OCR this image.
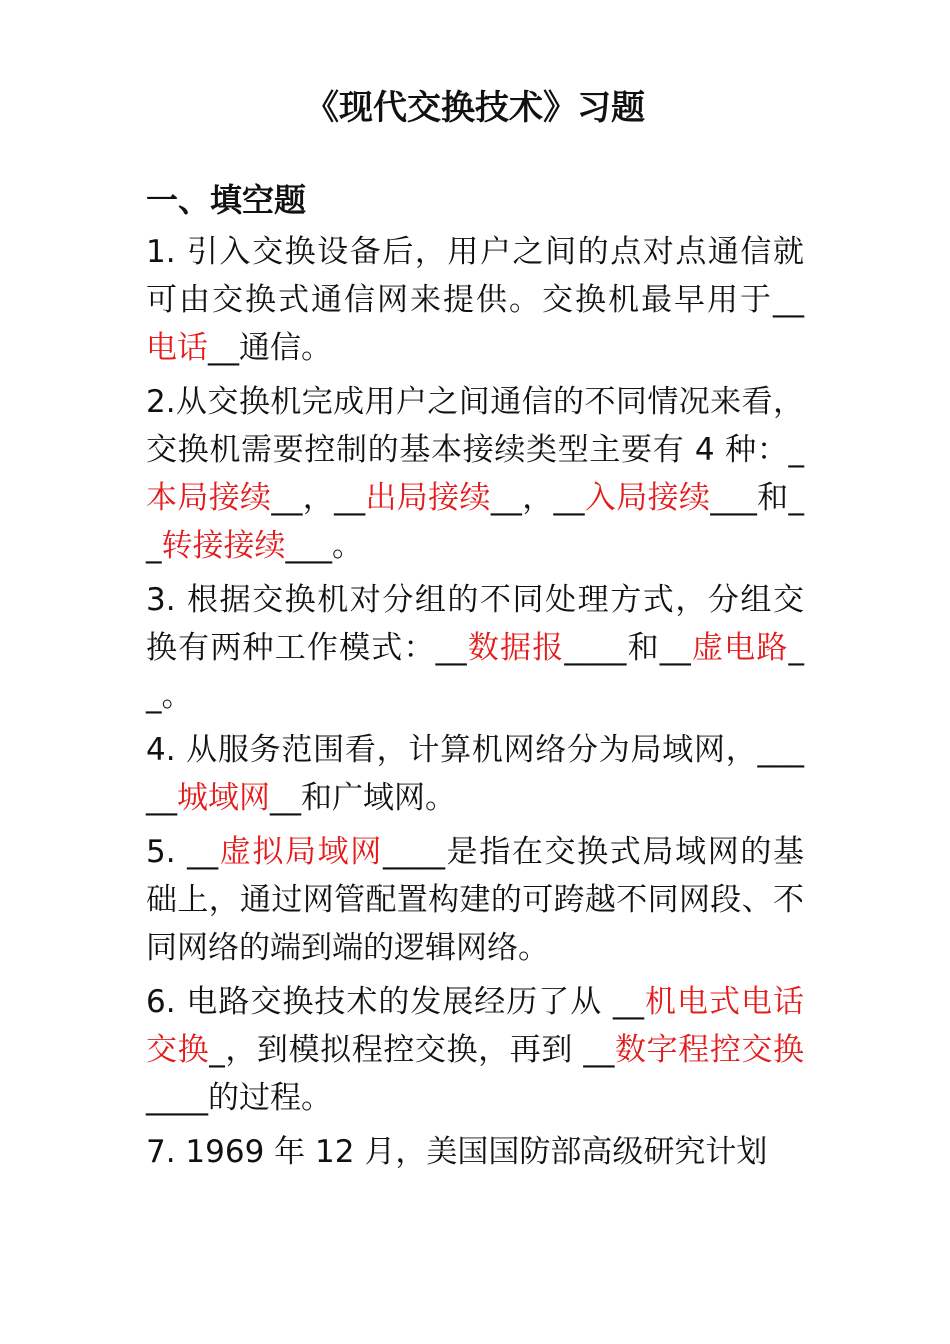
《现代交换技术》习题
一、填空题

1. 引入交换设备后，用户之间的点对点通信就可由交换式通信网来提供。交换机最早用于__ 电话__通信。

2.从交换机完成用户之间通信的不同情况来看，交换机需要控制的基本接续类型主要有 4 种：_本局接续__，__出局接续__，__入局接续___和__转接接续___。

3. 根据交换机对分组的不同处理方式，分组交换有两种工作模式：__数据报____和__虚电路__。

4. 从服务范围看，计算机网络分为局域网，_____城域网__和广域网。

5. __虚拟局域网____是指在交换式局域网的基础上，通过网管配置构建的可跨越不同网段、不同网络的端到端的逻辑网络。

6. 电路交换技术的发展经历了从 __机电式电话交换_，到模拟程控交换，再到 __数字程控交换____的过程。

7. 1969 年 12 月，美国国防部高级研究计划
